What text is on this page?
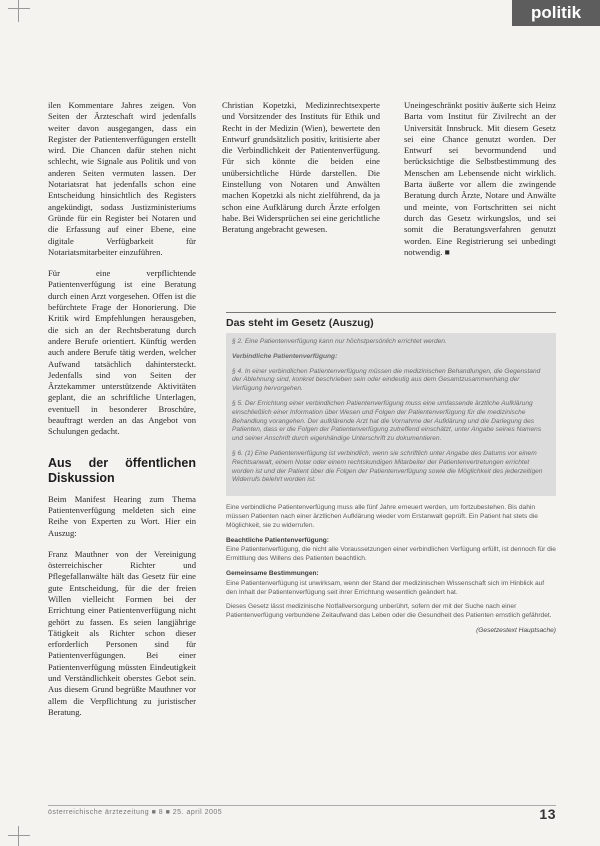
politik

ilen Kommentare Jahres zeigen. Von Seiten der Ärzteschaft wird jedenfalls weiter davon ausgegangen, dass ein Register der Patientenverfügungen erstellt wird. Die Chancen dafür stehen nicht schlecht, wie Signale aus Politik und von anderen Seiten vermuten lassen. Der Notariatsrat hat jedenfalls schon eine Entscheidung hinsichtlich des Registers angekündigt, sodass Justizministeriums Gründe für ein Register bei Notaren und die Erfassung auf einer Ebene, eine digitale Verfügbarkeit für Notariatsmitarbeiter einzuführen.

Für eine verpflichtende Patientenverfügung ist eine Beratung durch einen Arzt vorgesehen. Offen ist die befürchtete Frage der Honorierung. Die Kritik wird Empfehlungen herausgeben, die sich an der Rechtsberatung durch andere Berufe orientiert. Künftig werden auch andere Berufe tätig werden, welcher Aufwand tatsächlich dahintersteckt. Jedenfalls sind von Seiten der Ärztekammer unterstützende Aktivitäten geplant, die an schriftliche Unterlagen, eventuell in besonderer Broschüre, beauftragt werden an das Angebot von Schulungen gedacht.

Aus der öffentlichen Diskussion

Beim Manifest Hearing zum Thema Patientenverfügung meldeten sich eine Reihe von Experten zu Wort. Hier ein Auszug:

Franz Mauthner von der Vereinigung österreichischer Richter und Pflegefallanwälte hält das Gesetz für eine gute Entscheidung, für die der freien Willen vielleicht Formen bei der Errichtung einer Patientenverfügung nicht gehört zu fassen. Es seien langjährige Tätigkeit als Richter schon dieser erforderlich Personen sind für Patientenverfügungen. Bei einer Patientenverfügung müssten Eindeutigkeit und Verständlichkeit oberstes Gebot sein. Aus diesem Grund begrüßte Mauthner vor allem die Verpflichtung zu juristischer Beratung.

Christian Kopetzki, Medizinrechtsexperte und Vorsitzender des Instituts für Ethik und Recht in der Medizin (Wien), bewertete den Entwurf grundsätzlich positiv, kritisierte aber die Verbindlichkeit der Patientenverfügung. Für sich könnte die beiden eine unübersichtliche Hürde darstellen. Die Einstellung von Notaren und Anwälten machen Kopetzki als nicht zielführend, da ja schon eine Aufklärung durch Ärzte erfolgen habe. Bei Widersprüchen sei eine gerichtliche Beratung angebracht gewesen.

Uneingeschränkt positiv äußerte sich Heinz Barta vom Institut für Zivilrecht an der Universität Innsbruck. Mit diesem Gesetz sei eine Chance genutzt worden. Der Entwurf sei bevormundend und berücksichtige die Selbstbestimmung des Menschen am Lebensende nicht wirklich. Barta äußerte vor allem die zwingende Beratung durch Ärzte, Notare und Anwälte und meinte, von Fortschritten sei nicht durch das Gesetz wirkungslos, und sei somit die Beratungsverfahren genutzt worden. Eine Registrierung sei unbedingt notwendig. ■

Das steht im Gesetz (Auszug)

§ 2. Eine Patientenverfügung kann nur höchstpersönlich errichtet werden.

Verbindliche Patientenverfügung:

§ 4. In einer verbindlichen Patientenverfügung müssen die medizinischen Behandlungen, die Gegenstand der Ablehnung sind, konkret beschrieben sein oder eindeutig aus dem Gesamtzusammenhang der Verfügung hervorgehen.

§ 5. Der Errichtung einer verbindlichen Patientenverfügung muss eine umfassende ärztliche Aufklärung einschließlich einer Information über Wesen und Folgen der Patientenverfügung für die medizinische Behandlung vorangehen. Der aufklärende Arzt hat die Vornahme der Aufklärung und die Darlegung des Patienten, dass er die Folgen der Patientenverfügung zutreffend einschätzt, unter Angabe seines Namens und seiner Anschrift durch eigenhändige Unterschrift zu dokumentieren.

§ 6. (1) Eine Patientenverfügung ist verbindlich, wenn sie schriftlich unter Angabe des Datums vor einem Rechtsanwalt, einem Notar oder einem rechtskundigen Mitarbeiter der Patientenvertretungen errichtet worden ist und der Patient über die Folgen der Patientenverfügung sowie die Möglichkeit des jederzeitigen Widerrufs belehrt worden ist.

Eine verbindliche Patientenverfügung muss alle fünf Jahre erneuert werden, um fortzubestehen. Bis dahin müssen Patienten nach einer ärztlichen Aufklärung wieder vom Erstanwalt geprüft. Ein Patient hat stets die Möglichkeit, sie zu widerrufen.

Beachtliche Patientenverfügung:

Eine Patientenverfügung, die nicht alle Voraussetzungen einer verbindlichen Verfügung erfüllt, ist dennoch für die Ermittlung des Willens des Patienten beachtlich.

Gemeinsame Bestimmungen:

Eine Patientenverfügung ist unwirksam, wenn der Stand der medizinischen Wissenschaft sich im Hinblick auf den Inhalt der Patientenverfügung seit ihrer Errichtung wesentlich geändert hat.

Dieses Gesetz lässt medizinische Notfallversorgung unberührt, sofern der mit der Suche nach einer Patientenverfügung verbundene Zeitaufwand das Leben oder die Gesundheit des Patienten ernstlich gefährdet.

(Gesetzestext Hauptsache)
österreichische ärztezeitung ■ 8 ■ 25. april 2005	13
